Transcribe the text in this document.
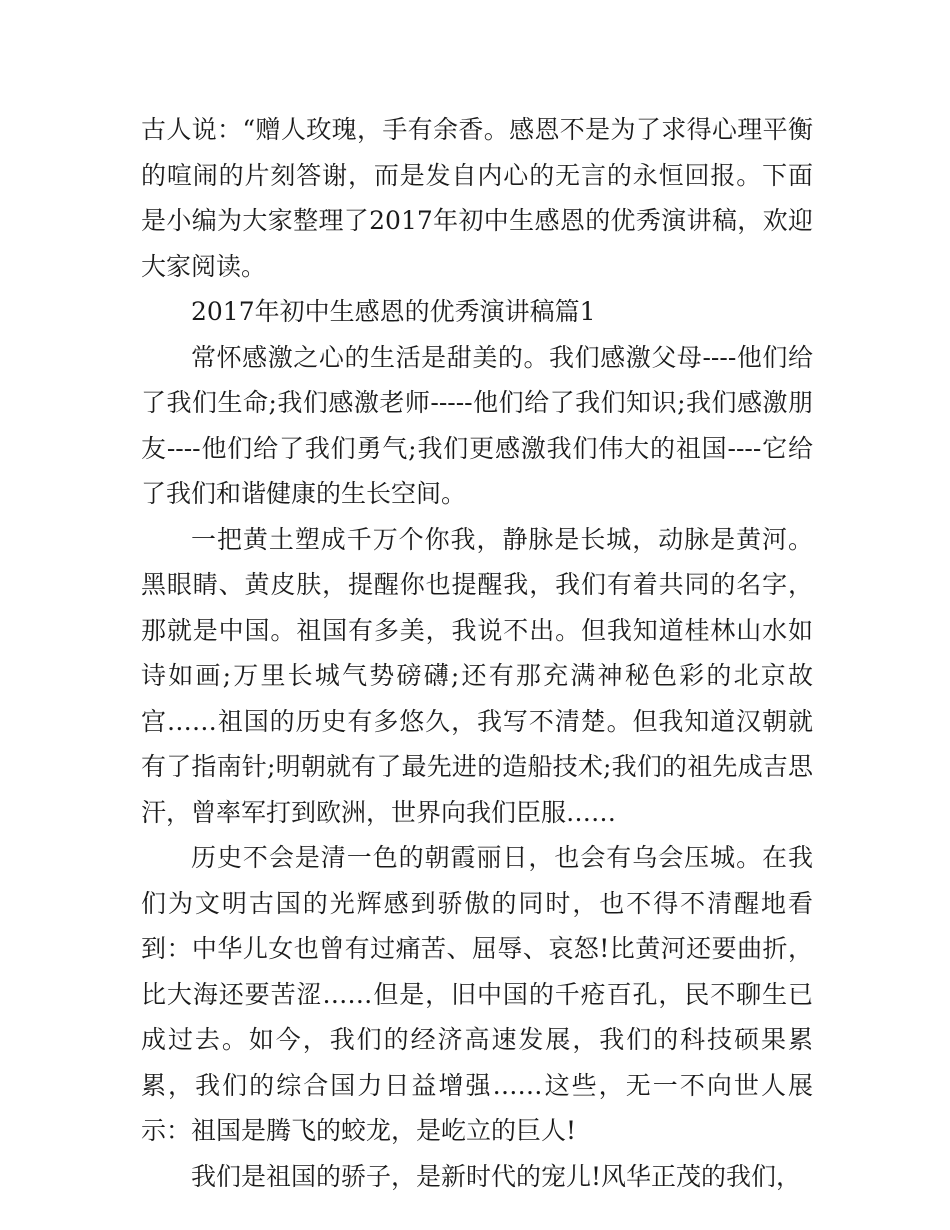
古人说：“赠人玫瑰，手有余香。感恩不是为了求得心理平衡的喧闹的片刻答谢，而是发自内心的无言的永恒回报。下面是小编为大家整理了2017年初中生感恩的优秀演讲稿，欢迎大家阅读。

2017年初中生感恩的优秀演讲稿篇1

常怀感激之心的生活是甜美的。我们感激父母----他们给了我们生命;我们感激老师-----他们给了我们知识;我们感激朋友----他们给了我们勇气;我们更感激我们伟大的祖国----它给了我们和谐健康的生长空间。

一把黄土塑成千万个你我，静脉是长城，动脉是黄河。黑眼睛、黄皮肤，提醒你也提醒我，我们有着共同的名字，那就是中国。祖国有多美，我说不出。但我知道桂林山水如诗如画;万里长城气势磅礴;还有那充满神秘色彩的北京故宫……祖国的历史有多悠久，我写不清楚。但我知道汉朝就有了指南针;明朝就有了最先进的造船技术;我们的祖先成吉思汗，曾率军打到欧洲，世界向我们臣服……

历史不会是清一色的朝霞丽日，也会有乌会压城。在我们为文明古国的光辉感到骄傲的同时，也不得不清醒地看到：中华儿女也曾有过痛苦、屈辱、哀怒!比黄河还要曲折，比大海还要苦涩……但是，旧中国的千疮百孔，民不聊生已成过去。如今，我们的经济高速发展，我们的科技硕果累累，我们的综合国力日益增强……这些，无一不向世人展示：祖国是腾飞的蛟龙，是屹立的巨人!

我们是祖国的骄子，是新时代的宠儿!风华正茂的我们，
